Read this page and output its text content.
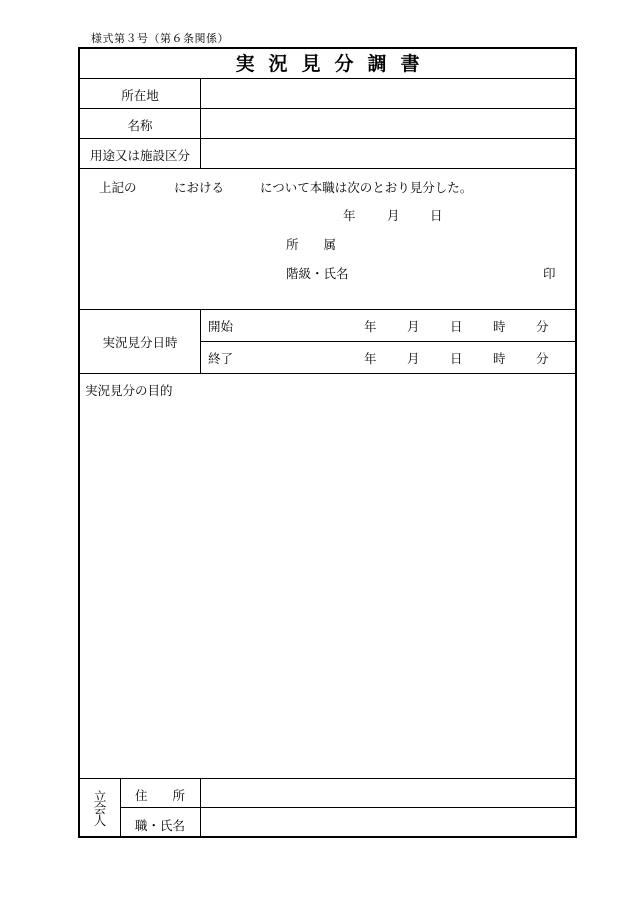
様式第３号（第６条関係）
実況見分調書
所在地
名称
用途又は施設区分
上記の	における	について本職は次のとおり見分した。
年	月 日
所　　属
階級・氏名	印
実況見分日時
開始	年 月 日 時 分
終了	年 月 日 時 分
実況見分の目的
立
会
人
住　　所
職・氏名
